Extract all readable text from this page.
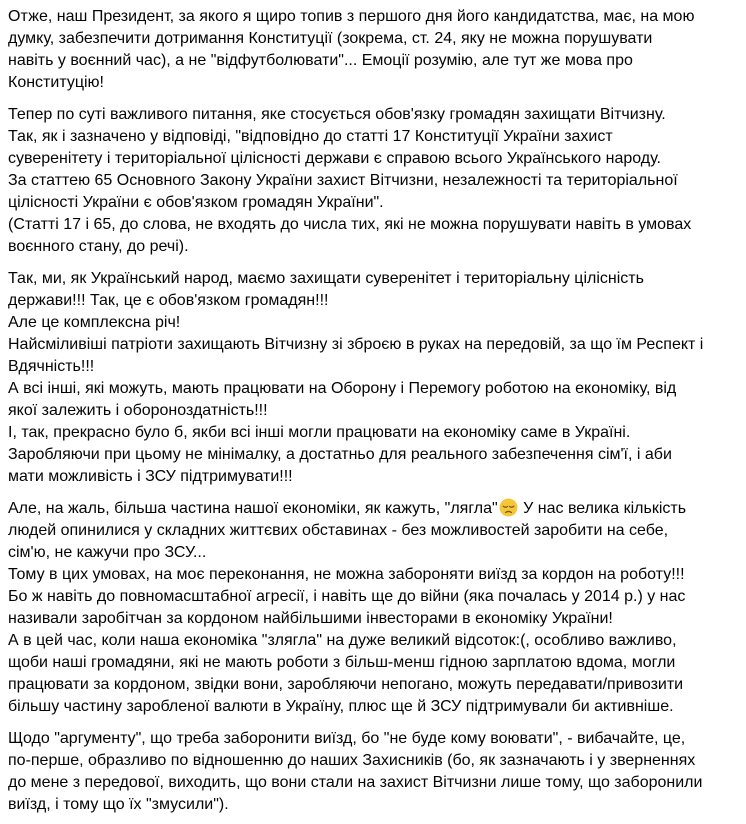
Отже, наш Президент, за якого я щиро топив з першого дня його кандидатства, має, на мою
думку, забезпечити дотримання Конституції (зокрема, ст. 24, яку не можна порушувати
навіть у воєнний час), а не "відфутболювати"... Емоції розумію, але тут же мова про
Конституцію!
Тепер по суті важливого питання, яке стосується обов'язку громадян захищати Вітчизну.
Так, як і зазначено у відповіді, "відповідно до статті 17 Конституції України захист
суверенітету і територіальної цілісності держави є справою всього Українського народу.
За статтею 65 Основного Закону України захист Вітчизни, незалежності та територіальної
цілісності України є обов'язком громадян України".
(Статті 17 і 65, до слова, не входять до числа тих, які не можна порушувати навіть в умовах
воєнного стану, до речі).
Так, ми, як Український народ, маємо захищати суверенітет і територіальну цілісність
держави!!! Так, це є обов'язком громадян!!!
Але це комплексна річ!
Найсміливіші патріоти захищають Вітчизну зі зброєю в руках на передовій, за що їм Респект і
Вдячність!!!
А всі інші, які можуть, мають працювати на Оборону і Перемогу роботою на економіку, від
якої залежить і обороноздатність!!!
І, так, прекрасно було б, якби всі інші могли працювати на економіку саме в Україні.
Заробляючи при цьому не мінімалку, а достатньо для реального забезпечення сім'ї, і аби
мати можливість і ЗСУ підтримувати!!!
Але, на жаль, більша частина нашої економіки, як кажуть, "лягла"
У нас велика кількість
людей опинилися у складних життєвих обставинах - без можливостей заробити на себе,
сім'ю, не кажучи про ЗСУ...
Тому в цих умовах, на моє переконання, не можна забороняти виїзд за кордон на роботу!!!
Бо ж навіть до повномасштабної агресії, і навіть ще до війни (яка почалась у 2014 р.) у нас
називали заробітчан за кордоном найбільшими інвесторами в економіку України!
А в цей час, коли наша економіка "злягла" на дуже великий відсоток:(, особливо важливо,
щоби наші громадяни, які не мають роботи з більш-менш гідною зарплатою вдома, могли
працювати за кордоном, звідки вони, заробляючи непогано, можуть передавати/привозити
більшу частину заробленої валюти в Україну, плюс ще й ЗСУ підтримували би активніше.
Щодо "аргументу", що треба заборонити виїзд, бо "не буде кому воювати", - вибачайте, це,
по-перше, образливо по відношенню до наших Захисників (бо, як зазначають і у зверненнях
до мене з передової, виходить, що вони стали на захист Вітчизни лише тому, що заборонили
виїзд, і тому що їх "змусили").
